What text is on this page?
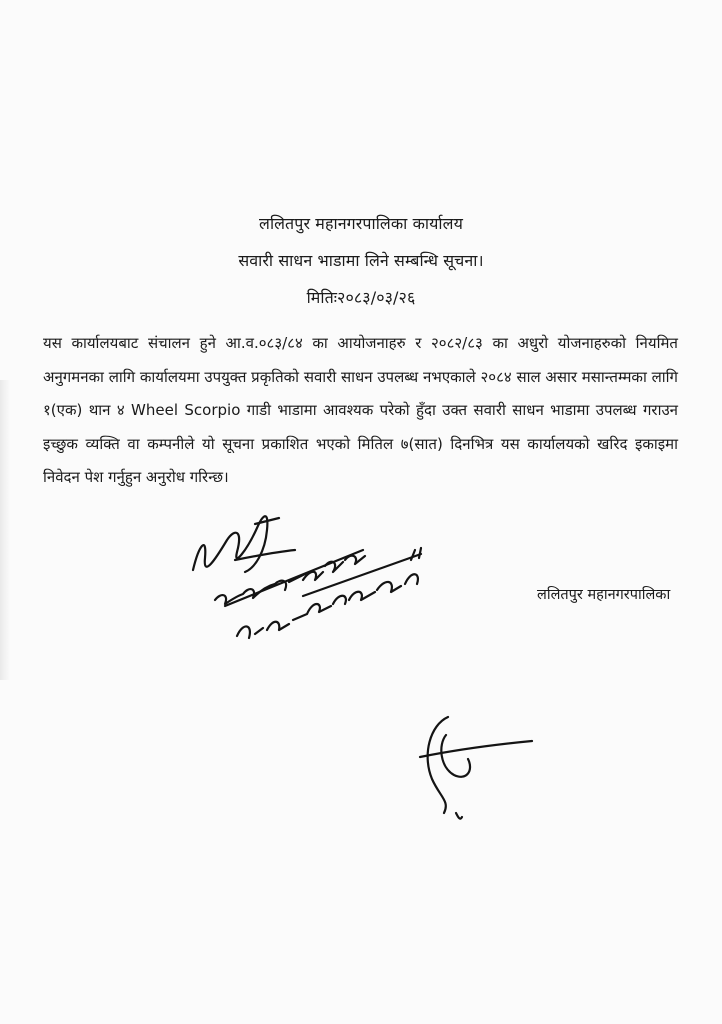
ललितपुर महानगरपालिका कार्यालय
सवारी साधन भाडामा लिने सम्बन्धि सूचना।
मितिः२०८३/०३/२६
यस कार्यालयबाट संचालन हुने आ.व.०८३/८४ का आयोजनाहरु र २०८२/८३ का अधुरो योजनाहरुको नियमित अनुगमनका लागि कार्यालयमा उपयुक्त प्रकृतिको सवारी साधन उपलब्ध नभएकाले २०८४ साल असार मसान्तम्मका लागि १(एक) थान ४ Wheel Scorpio गाडी भाडामा आवश्यक परेको हुँदा उक्त सवारी साधन भाडामा उपलब्ध गराउन इच्छुक व्यक्ति वा कम्पनीले यो सूचना प्रकाशित भएको मितिल ७(सात) दिनभित्र यस कार्यालयको खरिद इकाइमा निवेदन पेश गर्नुहुन अनुरोध गरिन्छ।
ललितपुर महानगरपालिका
